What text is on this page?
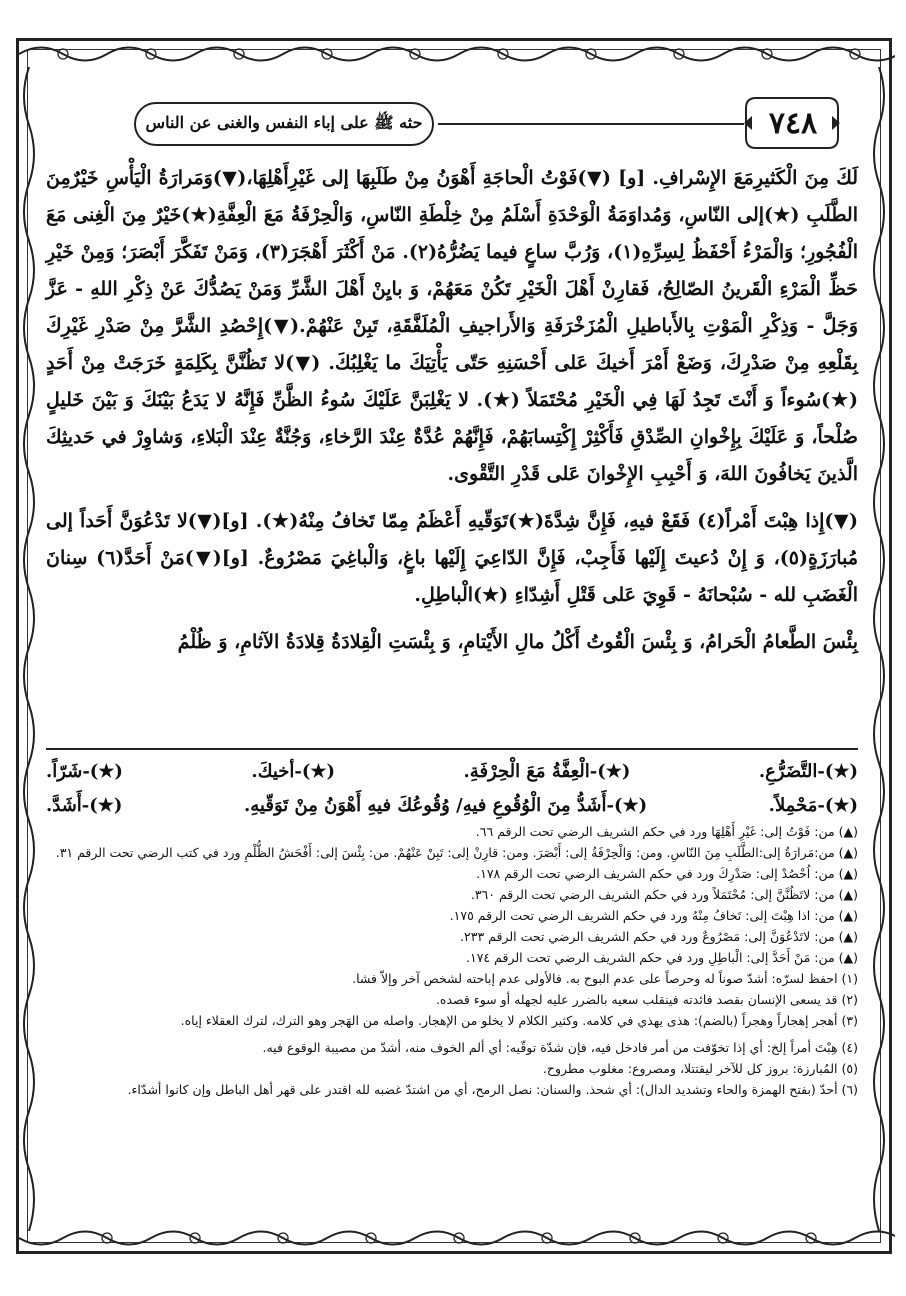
حثه ﷺ على إباء النفس والغنى عن الناس	٧٤٨

لَكَ مِنَ الْكَثيرِمَعَ الإِسْرافِ. [و] (▼)فَوْتُ الْحاجَةِ أَهْوَنُ مِنْ طَلَبِهَا إلى غَيْرِأَهْلِهَا،(▼)وَمَرارَةُ الْيَأْسِ خَيْرٌمِنَ الطَّلَبِ (★)إلى النّاسِ، وَمُداوَمَةُ الْوَحْدَةِ أَسْلَمُ مِنْ خِلْطَةِ النّاسِ، وَالْحِرْفَةُ مَعَ الْعِفَّةِ(★)خَيْرٌ مِنَ الْغِنى مَعَ الْفُجُورِ؛ وَالْمَرْءُ أَحْفَظُ لِسِرِّهِ(١)، وَرُبَّ ساعٍ فيما يَضُرُّهُ(٢). مَنْ أَكْثَرَ أَهْجَرَ(٣)، وَمَنْ تَفَكَّرَ أَبْصَرَ؛ وَمِنْ خَيْرِ حَظِّ الْمَرْءِ الْقَرينُ الصّالِحُ، فَقارِنْ أَهْلَ الْخَيْرِ تَكُنْ مَعَهُمْ، وَ بايِنْ أَهْلَ الشَّرِّ وَمَنْ يَصُدُّكَ عَنْ ذِكْرِ اللهِ - عَزَّ وَجَلَّ - وَذِكْرِ الْمَوْتِ بِالأَباطيلِ الْمُزَخْرَفَةِ وَالأَراجيفِ الْمُلَفَّقَةِ، تَبِنْ عَنْهُمْ.(▼)إِحْصُدِ الشَّرَّ مِنْ صَدْرِ غَيْرِكَ بِقَلْعِهِ مِنْ صَدْرِكَ، وَضَعْ أَمْرَ أَخيكَ عَلى أَحْسَنِهِ حَتّى يَأْتِيَكَ ما يَغْلِبُكَ. (▼)لا تَظُنَّنَّ بِكَلِمَةٍ خَرَجَتْ مِنْ أَحَدٍ (★)سُوءاً وَ أَنْتَ تَجِدُ لَهَا فِي الْخَيْرِ مُحْتَمَلاً (★). لا يَغْلِبَنَّ عَلَيْكَ سُوءُ الظَّنِّ فَإِنَّهُ لا يَدَعُ بَيْنَكَ وَ بَيْنَ خَليلٍ صُلْحاً، وَ عَلَيْكَ بِإِخْوانِ الصِّدْقِ فَأَكْثِرْ إِكْتِسابَهُمْ، فَإِنَّهُمْ عُدَّةٌ عِنْدَ الرَّخاءِ، وَجُنَّةٌ عِنْدَ الْبَلاءِ، وَشاوِرْ في حَديثِكَ الَّذينَ يَخافُونَ اللهَ، وَ أَحْبِبِ الإِخْوانَ عَلى قَدْرِ التَّقْوى.

(▼)إِذا هِبْتَ أَمْراً(٤) فَقَعْ فيهِ، فَإِنَّ شِدَّةَ(★)تَوَقّيهِ أَعْظَمُ مِمّا تَخافُ مِنْهُ(★). [و](▼)لا تَدْعُوَنَّ أَحَداً إلى مُبارَزَةٍ(٥)، وَ إِنْ دُعيتَ إِلَيْها فَأَجِبْ، فَإِنَّ الدّاعِيَ إِلَيْها باغٍ، وَالْباغِيَ مَصْرُوعٌ. [و](▼)مَنْ أَحَدَّ(٦) سِنانَ الْغَضَبِ لله - سُبْحانَهُ - قَوِيَ عَلى قَتْلِ أَشِدّاءِ (★)الْباطِلِ.

بِئْسَ الطَّعامُ الْحَرامُ، وَ بِئْسَ الْقُوتُ أَكْلُ مالِ الأَيْتامِ، وَ بِئْسَتِ الْقِلادَةُ قِلادَةُ الآثامِ، وَ ظُلْمُ

(★)-التَّضَرُّعِ.
(★)-الْعِفَّةُ مَعَ الْحِرْفَةِ.
(★)-أخيكَ.
(★)-شَرّاً.
(★)-مَحْمِلاً.
(★)-أَشَدُّ مِنَ الْوُقُوعِ فيهِ/ وُقُوعُكَ فيهِ أَهْوَنُ مِنْ تَوَقّيهِ.
(★)-أَشَدَّ.
(▲) من: فَوْتُ إلى: غَيْرِ أَهْلِهَا ورد في حكم الشريف الرضي تحت الرقم ٦٦.
(▲) من:مَرارَةُ إلى:الطَّلَبِ مِنَ النّاسِ. ومن: وَالْحِرْفَةُ إلى: أَبْصَرَ. ومن: قارِنْ إلى: تَبِنْ عَنْهُمْ. من: بِئْسَ إلى: أَفْحَشُ الظُّلْمِ ورد في كتب الرضي تحت الرقم ٣١.
(▲) من: اُحْصُدْ إلى: صَدْرِكَ ورد في حكم الشريف الرضي تحت الرقم ١٧٨.
(▲) من: لاتَظُنَّنَّ إلى: مُحْتَمَلاً ورد في حكم الشريف الرضي تحت الرقم ٣٦٠.
(▲) من: اذا هِبْتَ إلى: تَخافُ مِنْهُ ورد في حكم الشريف الرضي تحت الرقم ١٧٥.
(▲) من: لاتَدْعُوَنَّ إلى: مَصْرُوعٌ ورد في حكم الشريف الرضي تحت الرقم ٢٣٣.
(▲) من: مَنْ أَحَدَّ إلى: الْباطِلِ ورد في حكم الشريف الرضي تحت الرقم ١٧٤.
(١) احفظ لسرّه: أشدّ صوناً له وحرصاً على عدم البوح به. فالأولى عدم إباحته لشخص آخر وإلاّ فشا.
(٢) قد يسعى الإنسان بقصد فائدته فينقلب سعيه بالضرر عليه لجهله أو سوء قصده.
(٣) أهجر إهجاراً وهجراً (بالضم): هذى يهذي في كلامه. وكثير الكلام لا يخلو من الإهجار. واصله من الهَجر وهو الترك، لترك العقلاء إياه.
(٤) هِبْتَ أمراً إلخ: أي إذا تخوّفت من أمر فادخل فيه، فإن شدّة توقّيه: أي ألم الخوف منه، أشدّ من مصيبة الوقوع فيه.
(٥) المُبارزة: بروز كل للآخر ليقتتلا، ومصروع: مغلوب مطروح.
(٦) أحدّ (بفتح الهمزة والحاء وتشديد الدال): أي شحذ. والسنان: نصل الرمح، أي من اشتدّ غضبه لله اقتدر على قهر أهل الباطل وإن كانوا أشدّاء.
